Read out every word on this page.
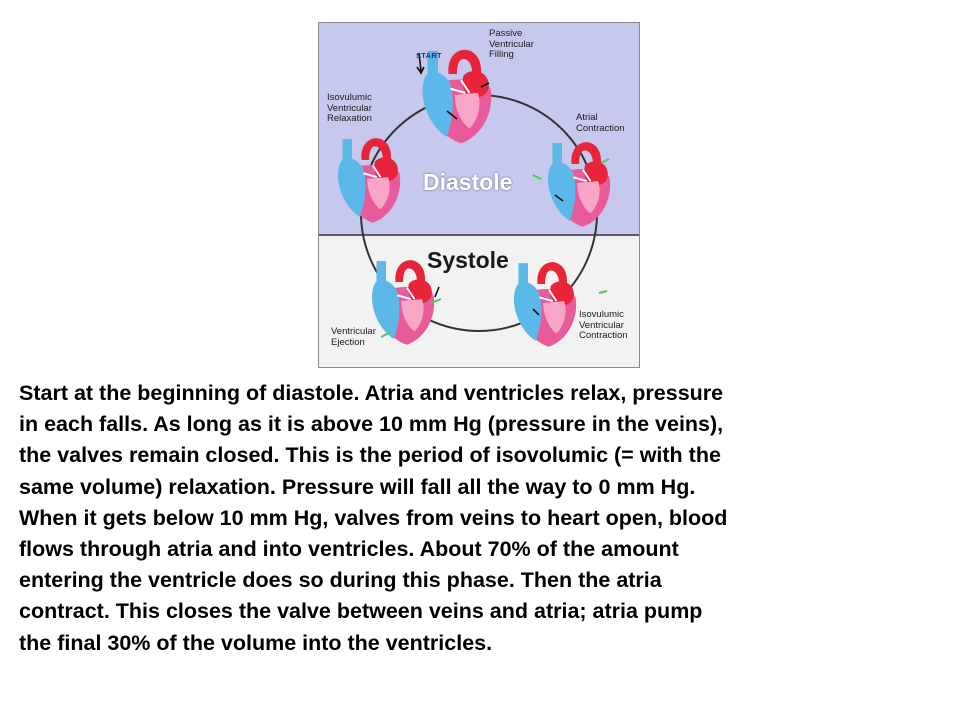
START
Passive
Ventricular
Filling
Atrial
Contraction
Isovulumic
Ventricular
Contraction
Ventricular
Ejection
Isovulumic
Ventricular
Relaxation
Diastole
Systole

Start at the beginning of diastole. Atria and ventricles relax, pressure
in each falls. As long as it is above 10 mm Hg (pressure in the veins),
the valves remain closed. This is the period of isovolumic (= with the
same volume) relaxation. Pressure will fall all the way to 0 mm Hg.
When it gets below 10 mm Hg, valves from veins to heart open, blood
flows through atria and into ventricles. About 70% of the amount
entering the ventricle does so during this phase. Then the atria
contract. This closes the valve between veins and atria; atria pump
the final 30% of the volume into the ventricles.
